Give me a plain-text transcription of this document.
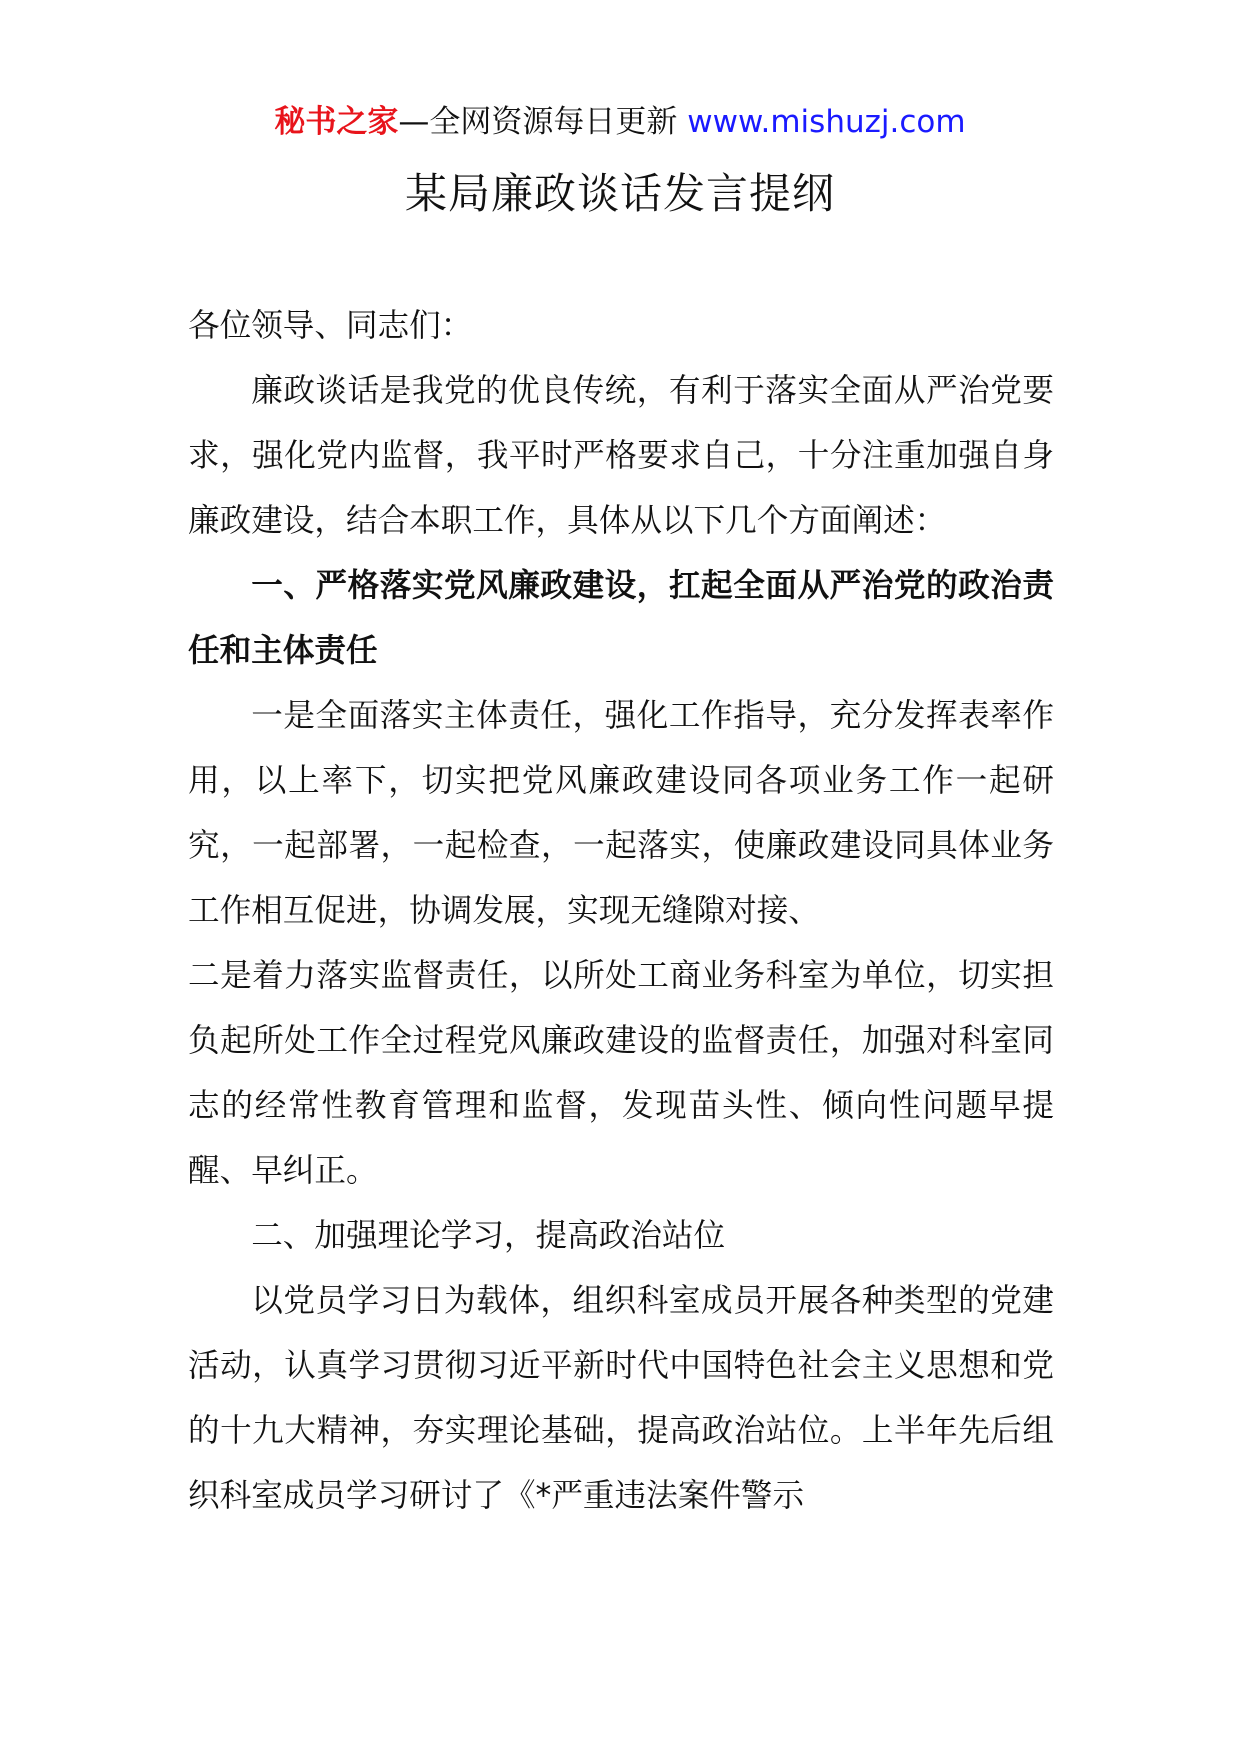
秘书之家—全网资源每日更新 www.mishuzj.com
某局廉政谈话发言提纲

各位领导、同志们：

廉政谈话是我党的优良传统，有利于落实全面从严治党要求，强化党内监督，我平时严格要求自己，十分注重加强自身廉政建设，结合本职工作，具体从以下几个方面阐述：

一、严格落实党风廉政建设，扛起全面从严治党的政治责任和主体责任

一是全面落实主体责任，强化工作指导，充分发挥表率作用，以上率下，切实把党风廉政建设同各项业务工作一起研究，一起部署，一起检查，一起落实，使廉政建设同具体业务工作相互促进，协调发展，实现无缝隙对接、

二是着力落实监督责任，以所处工商业务科室为单位，切实担负起所处工作全过程党风廉政建设的监督责任，加强对科室同志的经常性教育管理和监督，发现苗头性、倾向性问题早提醒、早纠正。

二、加强理论学习，提高政治站位

以党员学习日为载体，组织科室成员开展各种类型的党建活动，认真学习贯彻习近平新时代中国特色社会主义思想和党的十九大精神，夯实理论基础，提高政治站位。上半年先后组织科室成员学习研讨了《*严重违法案件警示
